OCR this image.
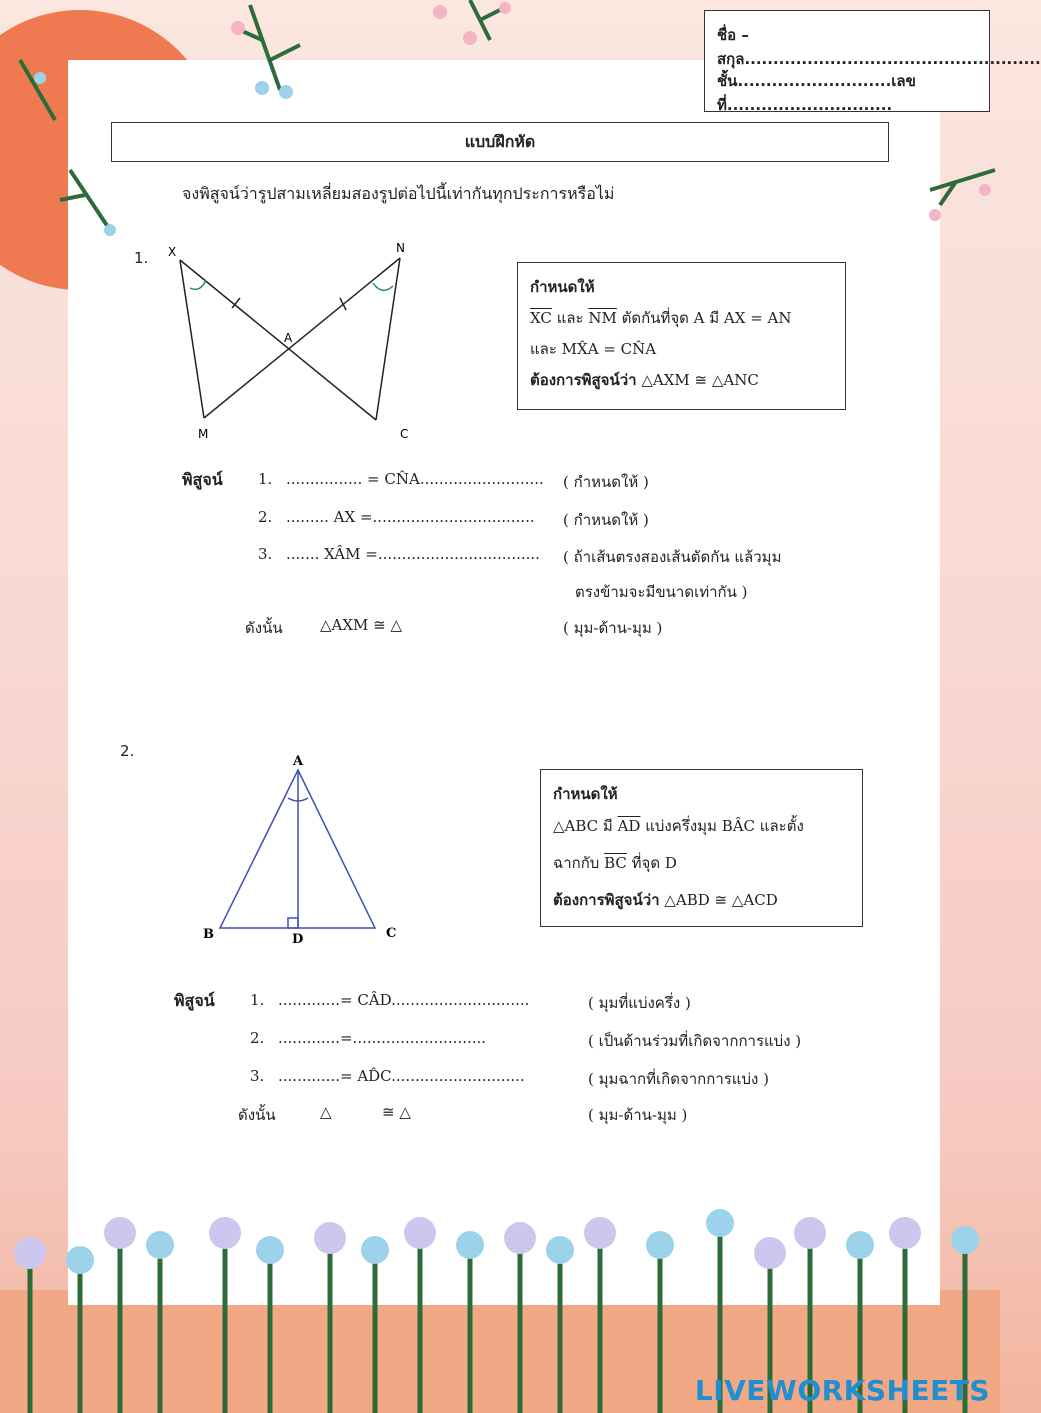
ชื่อ – สกุล....................................................
ชั้น...........................เลขที่.............................
แบบฝึกหัด
จงพิสูจน์ว่ารูปสามเหลี่ยมสองรูปต่อไปนี้เท่ากันทุกประการหรือไม่
1. X	N
A
M	C
กำหนดให้
$\overline{XC}$ และ $\overline{NM}$ ตัดกันที่จุด A มี AX = AN
และ MX̂A = CN̂A
ต้องการพิสูจน์ว่า △AXM ≅ △ANC
พิสูจน์ 1. ................ = CN̂A.......................... ( กำหนดให้ )
2. ......... AX =.................................. ( กำหนดให้ )
3. ....... XÂM =.................................. ( ถ้าเส้นตรงสองเส้นตัดกัน แล้วมุม
ตรงข้ามจะมีขนาดเท่ากัน )
ดังนั้น △AXM ≅ △	( มุม-ด้าน-มุม )
2.
A
B	C
D
กำหนดให้
△ABC มี $\overline{AD}$ แบ่งครึ่งมุม BÂC และตั้ง
ฉากกับ $\overline{BC}$ ที่จุด D
ต้องการพิสูจน์ว่า △ABD ≅ △ACD
พิสูจน์ 1. .............= CÂD.............................	( มุมที่แบ่งครึ่ง )
2. .............=............................	( เป็นด้านร่วมที่เกิดจากการแบ่ง )
3. .............= AD̂C............................	( มุมฉากที่เกิดจากการแบ่ง )
ดังนั้น	△	≅ △	( มุม-ด้าน-มุม )
LIVEWORKSHEETS
